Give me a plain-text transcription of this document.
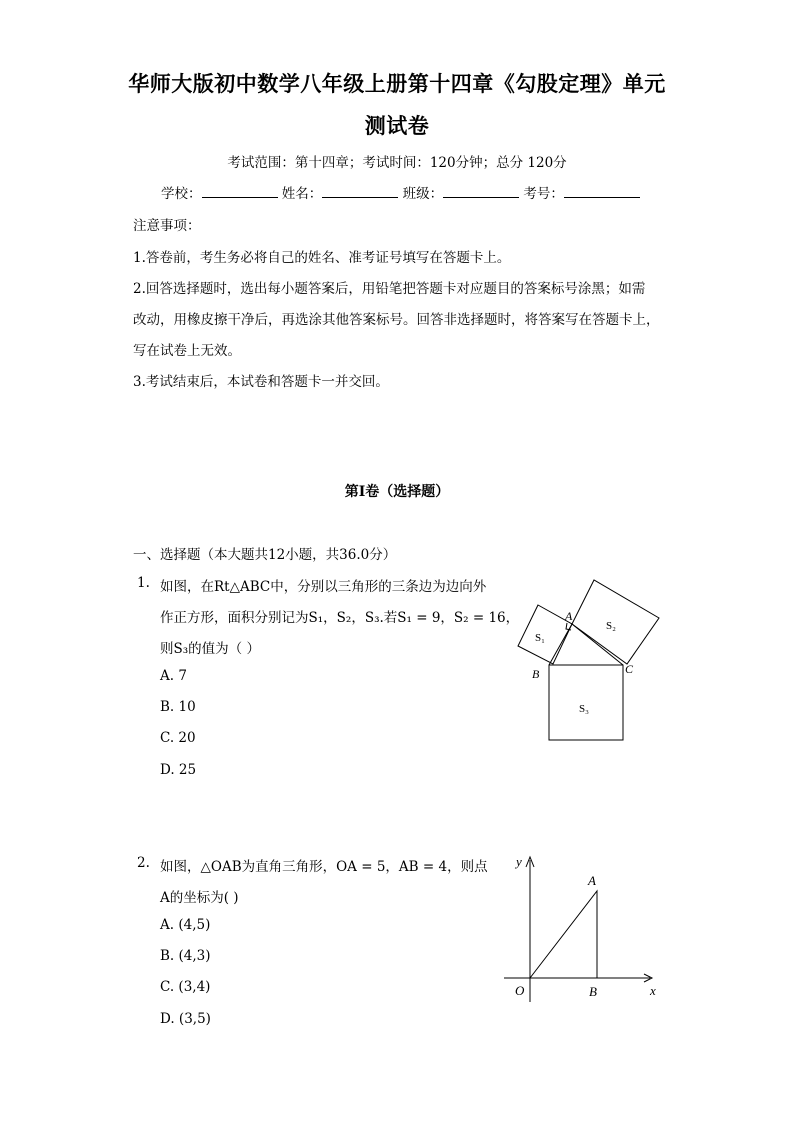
华师大版初中数学八年级上册第十四章《勾股定理》单元
测试卷
考试范围：第十四章；考试时间：120分钟；总分 120分
学校：	姓名：	班级：	考号：
注意事项：
1.答卷前，考生务必将自己的姓名、准考证号填写在答题卡上。
2.回答选择题时，选出每小题答案后，用铅笔把答题卡对应题目的答案标号涂黑；如需
改动，用橡皮擦干净后，再选涂其他答案标号。回答非选择题时，将答案写在答题卡上，
写在试卷上无效。
3.考试结束后，本试卷和答题卡一并交回。
第I卷（选择题）
一、选择题（本大题共12小题，共36.0分）
1. 如图，在Rt△ABC中，分别以三角形的三条边为边向外
作正方形，面积分别记为S₁，S₂，S₃.若S₁ = 9，S₂ = 16，
则S₃的值为（ ）
A. 7
B. 10
C. 20
D. 25
A
B	C
S₁
S₂
S₃
2. 如图，△OAB为直角三角形，OA = 5，AB = 4，则点
A的坐标为( )
A. (4,5)
B. (4,3)
C. (3,4)
D. (3,5)
y
A
O	B	x
